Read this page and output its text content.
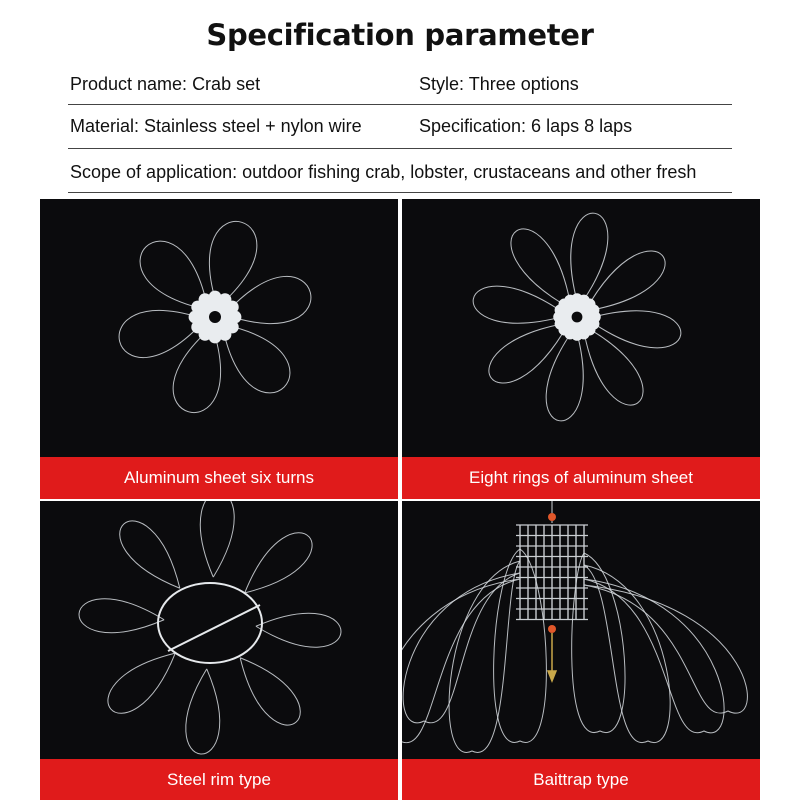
Specification parameter
Product name: Crab set	Style: Three options
Material: Stainless steel + nylon wire	Specification: 6 laps 8 laps
Scope of application: outdoor fishing crab, lobster, crustaceans and other fresh
Aluminum sheet six turns	Eight rings of aluminum sheet
Steel rim type	Baittrap type
